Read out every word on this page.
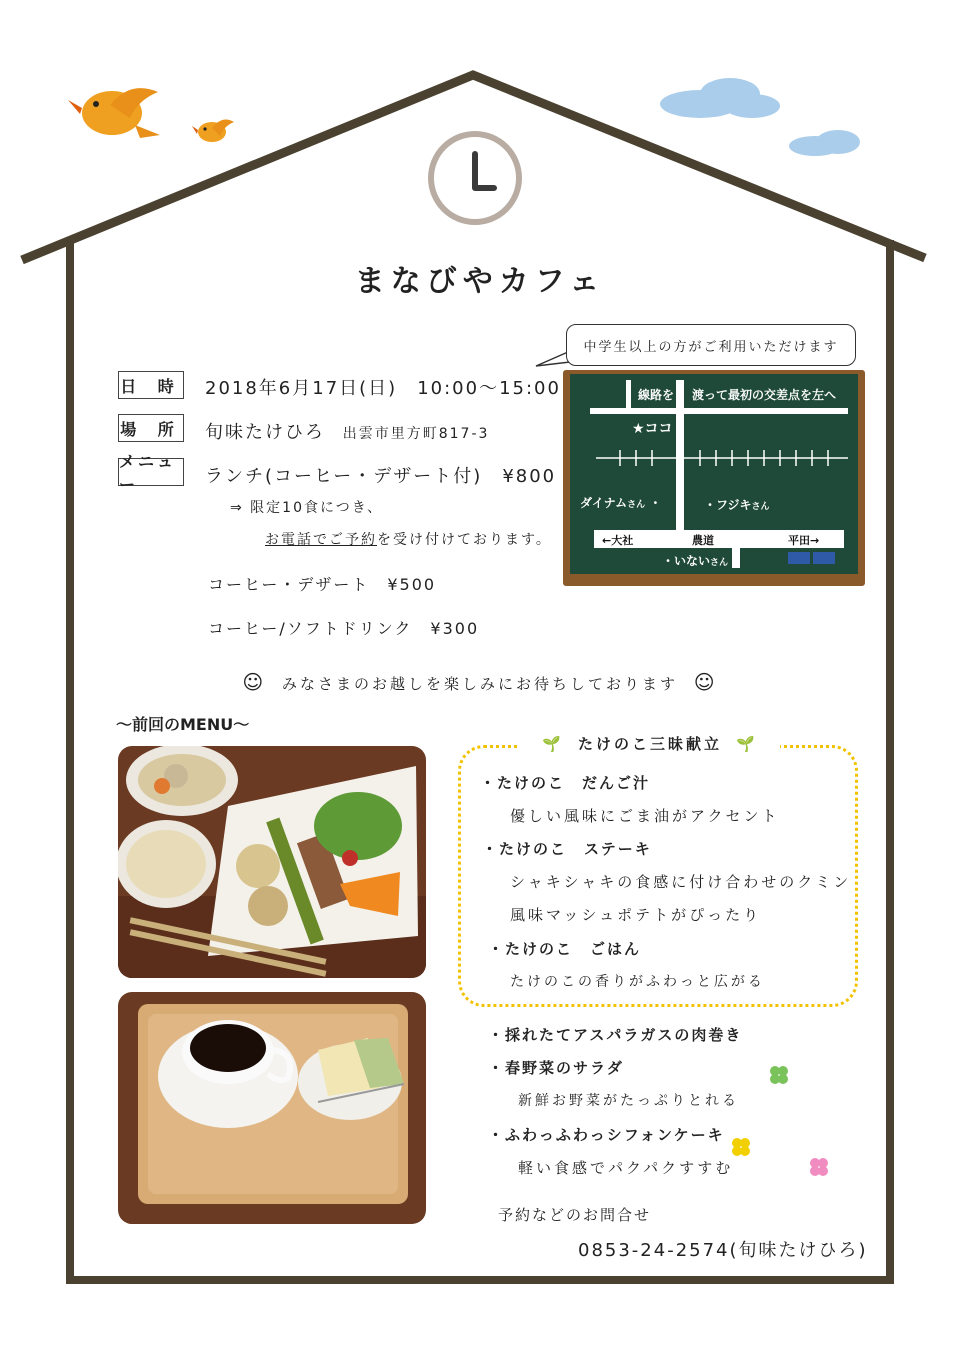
まなびやカフェ
日 時 2018年6月17日(日)　10:00〜15:00
場 所 旬味たけひろ 出雲市里方町817-3
メニュー	ランチ(コーヒー・デザート付)　¥800
⇒ 限定10食につき、
お電話でご予約を受け付けております。
コーヒー・デザート　¥500
コーヒー/ソフトドリンク　¥300
中学生以上の方がご利用いただけます
線路を 渡って最初の交差点を左へ
★ココ
ダイナムさん ・	・フジキさん
←大社	農道	平田→
・いないさん
☺ みなさまのお越しを楽しみにお待ちしております ☺
〜前回のMENU〜
🌱 たけのこ三昧献立 🌱
・たけのこ　だんご汁
優しい風味にごま油がアクセント
・たけのこ　ステーキ
シャキシャキの食感に付け合わせのクミン
風味マッシュポテトがぴったり
・たけのこ　ごはん
たけのこの香りがふわっと広がる
・採れたてアスパラガスの肉巻き
・春野菜のサラダ
新鮮お野菜がたっぷりとれる
・ふわっふわっシフォンケーキ
軽い食感でパクパクすすむ
予約などのお問合せ
0853-24-2574(旬味たけひろ)
